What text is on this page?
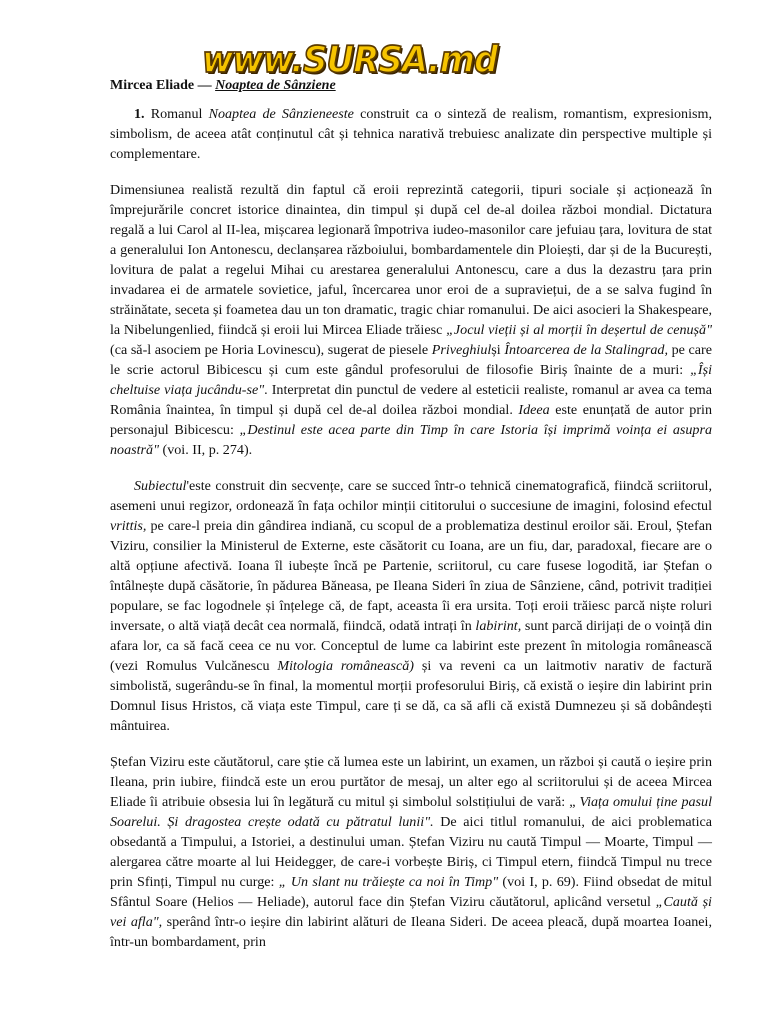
www.SURSA.md
Mircea Eliade — Noaptea de Sânziene

1. Romanul Noaptea de Sânzieneeste construit ca o sinteză de realism, romantism, expresionism, simbolism, de aceea atât conținutul cât și tehnica narativă trebuiesc analizate din perspective multiple și complementare.

Dimensiunea realistă rezultă din faptul că eroii reprezintă categorii, tipuri sociale și acționează în împrejurările concret istorice dinaintea, din timpul și după cel de-al doilea război mondial. Dictatura regală a lui Carol al II-lea, mișcarea legionară împotriva iudeo-masonilor care jefuiau țara, lovitura de stat a generalului Ion Antonescu, declanșarea războiului, bombardamentele din Ploiești, dar și de la București, lovitura de palat a regelui Mihai cu arestarea generalului Antonescu, care a dus la dezastru țara prin invadarea ei de armatele sovietice, jaful, încercarea unor eroi de a supraviețui, de a se salva fugind în străinătate, seceta și foametea dau un ton dramatic, tragic chiar romanului. De aici asocieri la Shakespeare, la Nibelungenlied, fiindcă și eroii lui Mircea Eliade trăiesc „Jocul vieții și al morții în deșertul de cenușă" (ca să-l asociem pe Horia Lovinescu), sugerat de piesele Priveghiulși Întoarcerea de la Stalingrad, pe care le scrie actorul Bibicescu și cum este gândul profesorului de filosofie Biriș înainte de a muri: „Își cheltuise viața jucându-se". Interpretat din punctul de vedere al esteticii realiste, romanul ar avea ca tema România înaintea, în timpul și după cel de-al doilea război mondial. Ideea este enunțată de autor prin personajul Bibicescu: „Destinul este acea parte din Timp în care Istoria își imprimă voința ei asupra noastră" (voi. II, p. 274).

Subiectul'este construit din secvențe, care se succed într-o tehnică cinematografică, fiindcă scriitorul, asemeni unui regizor, ordonează în fața ochilor minții cititorului o succesiune de imagini, folosind efectul vrittis, pe care-l preia din gândirea indiană, cu scopul de a problematiza destinul eroilor săi. Eroul, Ștefan Viziru, consilier la Ministerul de Externe, este căsătorit cu Ioana, are un fiu, dar, paradoxal, fiecare are o altă opțiune afectivă. Ioana îl iubește încă pe Partenie, scriitorul, cu care fusese logodită, iar Ștefan o întâlnește după căsătorie, în pădurea Băneasa, pe Ileana Sideri în ziua de Sânziene, când, potrivit tradiției populare, se fac logodnele și înțelege că, de fapt, aceasta îi era ursita. Toți eroii trăiesc parcă niște roluri inversate, o altă viață decât cea normală, fiindcă, odată intrați în labirint, sunt parcă dirijați de o voință din afara lor, ca să facă ceea ce nu vor. Conceptul de lume ca labirint este prezent în mitologia românească (vezi Romulus Vulcănescu Mitologia românească) și va reveni ca un laitmotiv narativ de factură simbolistă, sugerându-se în final, la momentul morții profesorului Biriș, că există o ieșire din labirint prin Domnul Iisus Hristos, că viața este Timpul, care ți se dă, ca să afli că există Dumnezeu și să dobândești mântuirea.

Ștefan Viziru este căutătorul, care știe că lumea este un labirint, un examen, un război și caută o ieșire prin Ileana, prin iubire, fiindcă este un erou purtător de mesaj, un alter ego al scriitorului și de aceea Mircea Eliade îi atribuie obsesia lui în legătură cu mitul și simbolul solstițiului de vară: „ Viața omului ține pasul Soarelui. Și dragostea crește odată cu pătratul lunii". De aici titlul romanului, de aici problematica obsedantă a Timpului, a Istoriei, a destinului uman. Ștefan Viziru nu caută Timpul — Moarte, Timpul — alergarea către moarte al lui Heidegger, de care-i vorbește Biriș, ci Timpul etern, fiindcă Timpul nu trece prin Sfinți, Timpul nu curge: „ Un slant nu trăiește ca noi în Timp" (voi I, p. 69). Fiind obsedat de mitul Sfântul Soare (Helios — Heliade), autorul face din Ștefan Viziru căutătorul, aplicând versetul „Caută și vei afla", sperând într-o ieșire din labirint alături de Ileana Sideri. De aceea pleacă, după moartea Ioanei, într-un bombardament, prin
